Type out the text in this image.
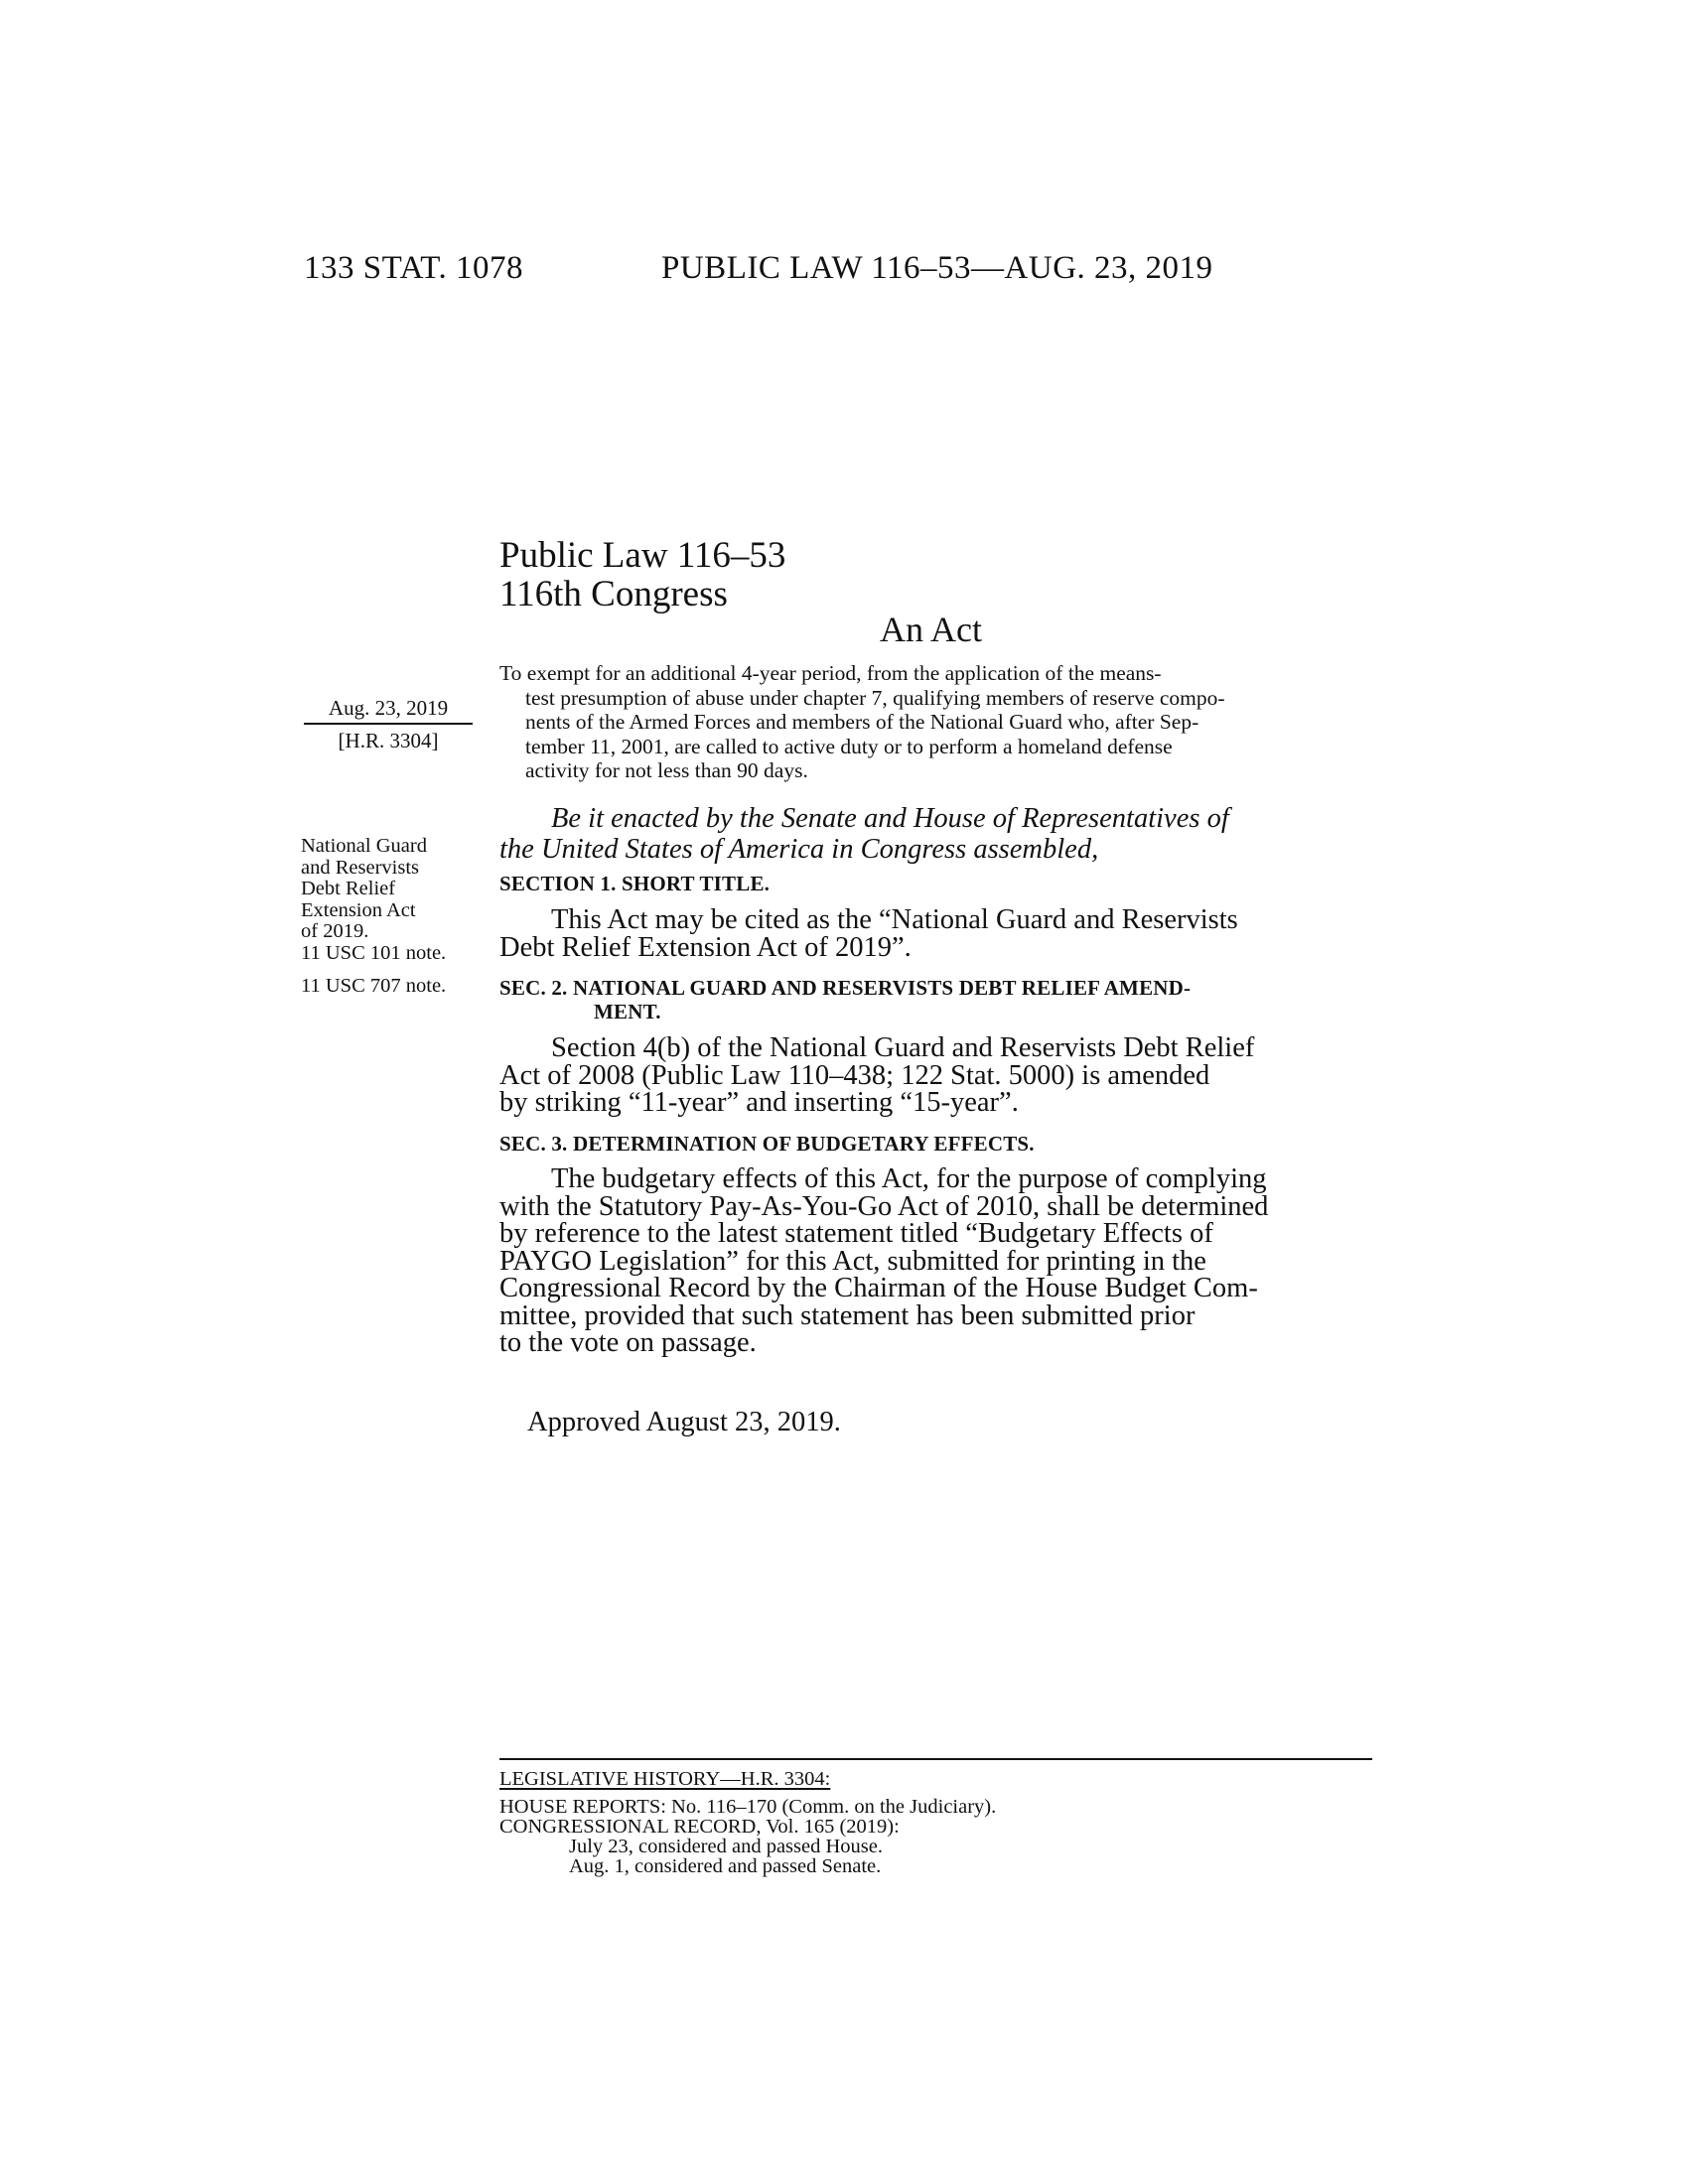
133 STAT. 1078	PUBLIC LAW 116–53—AUG. 23, 2019
Public Law 116–53
116th Congress
An Act
To exempt for an additional 4-year period, from the application of the means-
test presumption of abuse under chapter 7, qualifying members of reserve compo-
nents of the Armed Forces and members of the National Guard who, after Sep-
tember 11, 2001, are called to active duty or to perform a homeland defense
activity for not less than 90 days.
Aug. 23, 2019
[H.R. 3304]
National Guard
and Reservists
Debt Relief
Extension Act
of 2019.
11 USC 101 note.
11 USC 707 note.
Be it enacted by the Senate and House of Representatives of
the United States of America in Congress assembled,
SECTION 1. SHORT TITLE.
This Act may be cited as the “National Guard and Reservists
Debt Relief Extension Act of 2019”.
SEC. 2. NATIONAL GUARD AND RESERVISTS DEBT RELIEF AMEND-
MENT.
Section 4(b) of the National Guard and Reservists Debt Relief
Act of 2008 (Public Law 110–438; 122 Stat. 5000) is amended
by striking “11-year” and inserting “15-year”.
SEC. 3. DETERMINATION OF BUDGETARY EFFECTS.
The budgetary effects of this Act, for the purpose of complying
with the Statutory Pay-As-You-Go Act of 2010, shall be determined
by reference to the latest statement titled “Budgetary Effects of
PAYGO Legislation” for this Act, submitted for printing in the
Congressional Record by the Chairman of the House Budget Com-
mittee, provided that such statement has been submitted prior
to the vote on passage.
Approved August 23, 2019.
LEGISLATIVE HISTORY—H.R. 3304:
HOUSE REPORTS: No. 116–170 (Comm. on the Judiciary).
CONGRESSIONAL RECORD, Vol. 165 (2019):
July 23, considered and passed House.
Aug. 1, considered and passed Senate.
